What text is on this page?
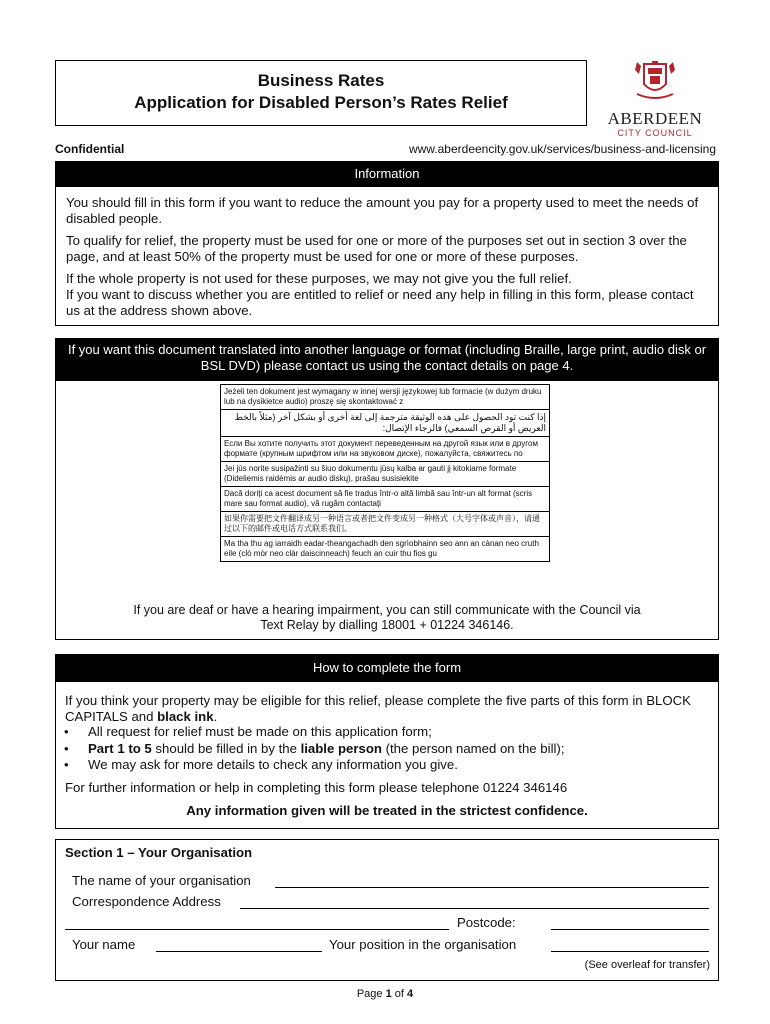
Business Rates
Application for Disabled Person’s Rates Relief
ABERDEEN
CITY COUNCIL
Confidential	www.aberdeencity.gov.uk/services/business-and-licensing
Information

You should fill in this form if you want to reduce the amount you pay for a property used to meet the needs of disabled people.

To qualify for relief, the property must be used for one or more of the purposes set out in section 3 over the page, and at least 50% of the property must be used for one or more of these purposes.

If the whole property is not used for these purposes, we may not give you the full relief.

If you want to discuss whether you are entitled to relief or need any help in filling in this form, please contact us at the address shown above.

If you want this document translated into another language or format (including Braille, large print, audio disk or BSL DVD) please contact us using the contact details on page 4.
Jeżeli ten dokument jest wymagany w innej wersji językowej lub formacie (w dużym druku lub na dysikietce audio) proszę się skontaktować z
إذا كنت تود الحصول على هذه الوثيقة مترجمة إلى لغة أخرى أو بشكل آخر (مثلاً بالخط العريض أو القرص السمعي) فالرجاء الإتصال:
Если Вы хотите получить этот документ переведенным на другой язык или в другом формате (крупным шрифтом или на звуковом диске), пожалуйста, свяжитесь по
Jei jūs norite susipažinti su šiuo dokumentu jūsų kalba ar gauti jį kitokiame formate (Dideliemis raidėmis ar audio diskų), prašau susisiekite
Dacă doriți ca acest document să fie tradus într-o altă limbă sau într-un alt format (scris mare sau format audio), vă rugăm contactați
如果你需要把文件翻译成另一种语言或者把文件变成另一种格式（大号字体或声音），请通过以下的邮件或电话方式联系我们。
Ma tha thu ag iarraidh eadar-theangachadh den sgrìobhainn seo ann an cànan neo cruth eile (clò mòr neo clàr daiscinneach) feuch an cuir thu fios gu
If you are deaf or have a hearing impairment, you can still communicate with the Council via
Text Relay by dialling 18001 + 01224 346146.
How to complete the form
If you think your property may be eligible for this relief, please complete the five parts of this form in BLOCK CAPITALS and black ink.
• All request for relief must be made on this application form;
• Part 1 to 5 should be filled in by the liable person (the person named on the bill);
• We may ask for more details to check any information you give.
For further information or help in completing this form please telephone 01224 346146
Any information given will be treated in the strictest confidence.
Section 1 – Your Organisation
The name of your organisation
Correspondence Address
Postcode:
Your name	Your position in the organisation
(See overleaf for transfer)
Page 1 of 4
